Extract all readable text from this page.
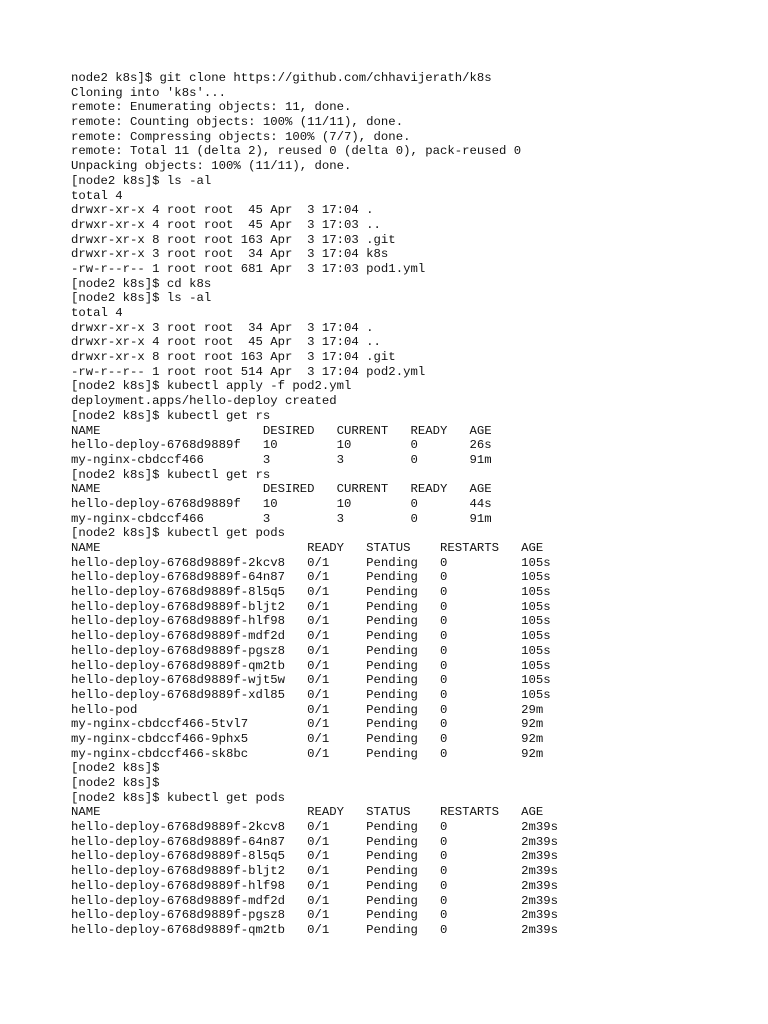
node2 k8s]$ git clone https://github.com/chhavijerath/k8s
Cloning into 'k8s'...
remote: Enumerating objects: 11, done.
remote: Counting objects: 100% (11/11), done.
remote: Compressing objects: 100% (7/7), done.
remote: Total 11 (delta 2), reused 0 (delta 0), pack-reused 0
Unpacking objects: 100% (11/11), done.
[node2 k8s]$ ls -al
total 4
drwxr-xr-x 4 root root  45 Apr  3 17:04 .
drwxr-xr-x 4 root root  45 Apr  3 17:03 ..
drwxr-xr-x 8 root root 163 Apr  3 17:03 .git
drwxr-xr-x 3 root root  34 Apr  3 17:04 k8s
-rw-r--r-- 1 root root 681 Apr  3 17:03 pod1.yml
[node2 k8s]$ cd k8s
[node2 k8s]$ ls -al
total 4
drwxr-xr-x 3 root root  34 Apr  3 17:04 .
drwxr-xr-x 4 root root  45 Apr  3 17:04 ..
drwxr-xr-x 8 root root 163 Apr  3 17:04 .git
-rw-r--r-- 1 root root 514 Apr  3 17:04 pod2.yml
[node2 k8s]$ kubectl apply -f pod2.yml
deployment.apps/hello-deploy created
[node2 k8s]$ kubectl get rs
NAME                      DESIRED   CURRENT   READY   AGE
hello-deploy-6768d9889f   10        10        0       26s
my-nginx-cbdccf466        3         3         0       91m
[node2 k8s]$ kubectl get rs
NAME                      DESIRED   CURRENT   READY   AGE
hello-deploy-6768d9889f   10        10        0       44s
my-nginx-cbdccf466        3         3         0       91m
[node2 k8s]$ kubectl get pods
NAME                            READY   STATUS    RESTARTS   AGE
hello-deploy-6768d9889f-2kcv8   0/1     Pending   0          105s
hello-deploy-6768d9889f-64n87   0/1     Pending   0          105s
hello-deploy-6768d9889f-8l5q5   0/1     Pending   0          105s
hello-deploy-6768d9889f-bljt2   0/1     Pending   0          105s
hello-deploy-6768d9889f-hlf98   0/1     Pending   0          105s
hello-deploy-6768d9889f-mdf2d   0/1     Pending   0          105s
hello-deploy-6768d9889f-pgsz8   0/1     Pending   0          105s
hello-deploy-6768d9889f-qm2tb   0/1     Pending   0          105s
hello-deploy-6768d9889f-wjt5w   0/1     Pending   0          105s
hello-deploy-6768d9889f-xdl85   0/1     Pending   0          105s
hello-pod                       0/1     Pending   0          29m
my-nginx-cbdccf466-5tvl7        0/1     Pending   0          92m
my-nginx-cbdccf466-9phx5        0/1     Pending   0          92m
my-nginx-cbdccf466-sk8bc        0/1     Pending   0          92m
[node2 k8s]$
[node2 k8s]$
[node2 k8s]$ kubectl get pods
NAME                            READY   STATUS    RESTARTS   AGE
hello-deploy-6768d9889f-2kcv8   0/1     Pending   0          2m39s
hello-deploy-6768d9889f-64n87   0/1     Pending   0          2m39s
hello-deploy-6768d9889f-8l5q5   0/1     Pending   0          2m39s
hello-deploy-6768d9889f-bljt2   0/1     Pending   0          2m39s
hello-deploy-6768d9889f-hlf98   0/1     Pending   0          2m39s
hello-deploy-6768d9889f-mdf2d   0/1     Pending   0          2m39s
hello-deploy-6768d9889f-pgsz8   0/1     Pending   0          2m39s
hello-deploy-6768d9889f-qm2tb   0/1     Pending   0          2m39s
